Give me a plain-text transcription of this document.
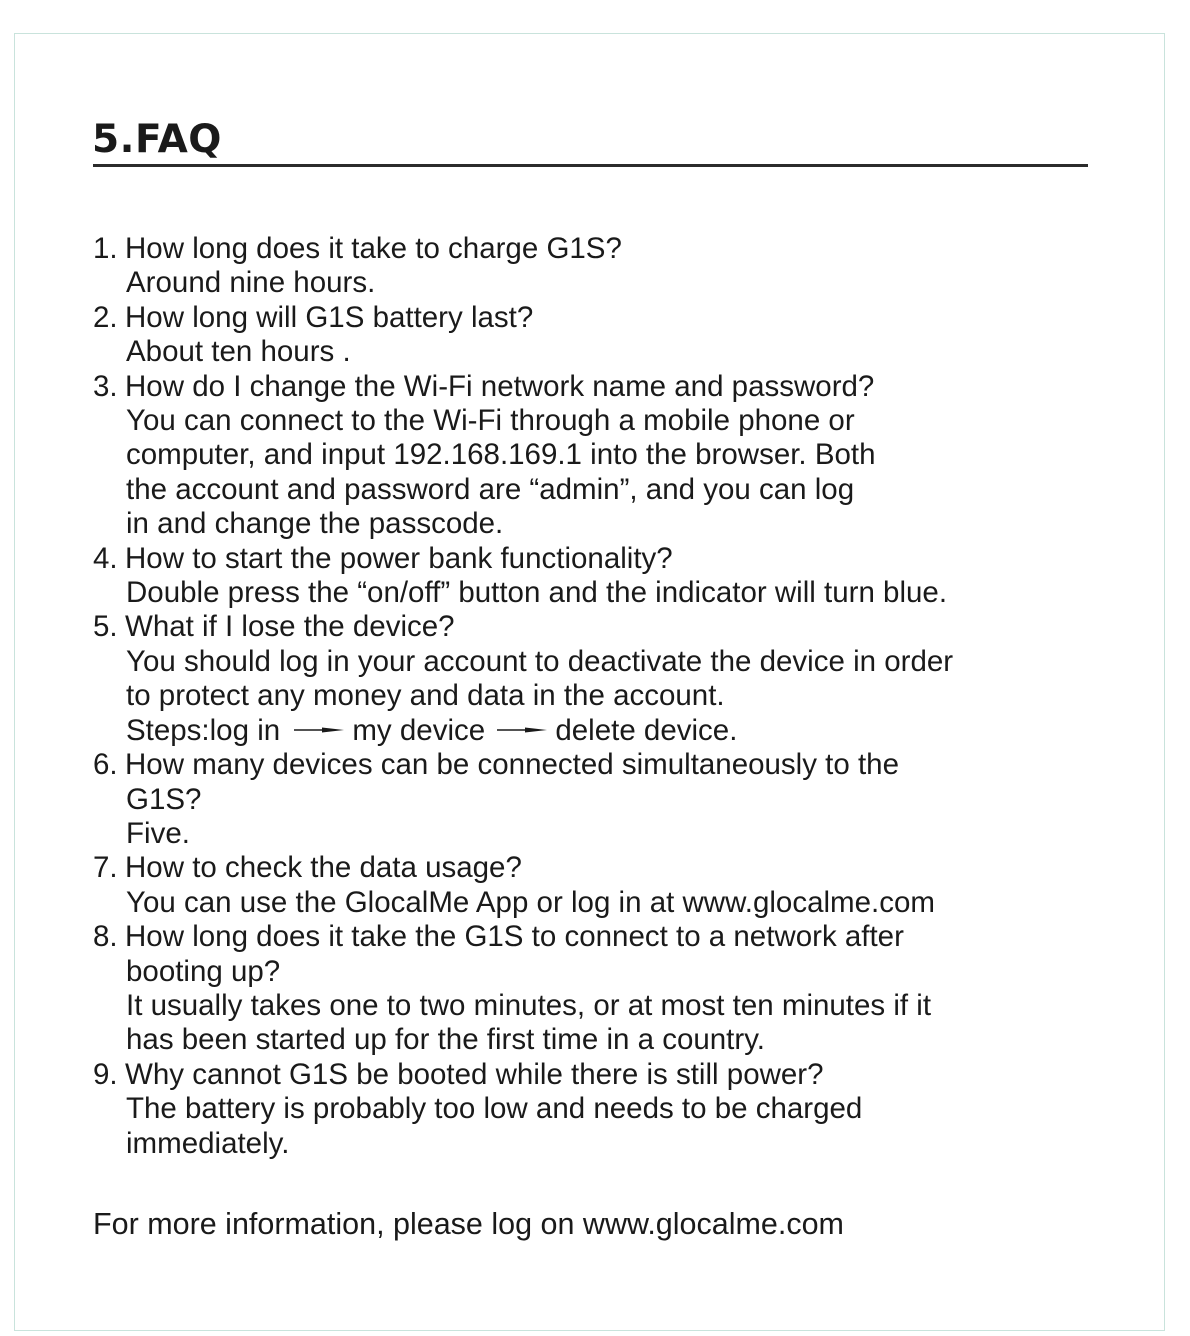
5.FAQ
1. How long does it take to charge G1S?
Around nine hours.
2. How long will G1S battery last?
About ten hours .
3. How do I change the Wi-Fi network name and password?
You can connect to the Wi-Fi through a mobile phone or
computer, and input 192.168.169.1 into the browser. Both
the account and password are “admin”, and you can log
in and change the passcode.
4. How to start the power bank functionality?
Double press the “on/off” button and the indicator will turn blue.
5. What if I lose the device?
You should log in your account to deactivate the device in order
to protect any money and data in the account.
Steps:log in my device delete device.
6. How many devices can be connected simultaneously to the
G1S?
Five.
7. How to check the data usage?
You can use the GlocalMe App or log in at www.glocalme.com
8. How long does it take the G1S to connect to a network after
booting up?
It usually takes one to two minutes, or at most ten minutes if it
has been started up for the first time in a country.
9. Why cannot G1S be booted while there is still power?
The battery is probably too low and needs to be charged
immediately.

For more information, please log on www.glocalme.com
